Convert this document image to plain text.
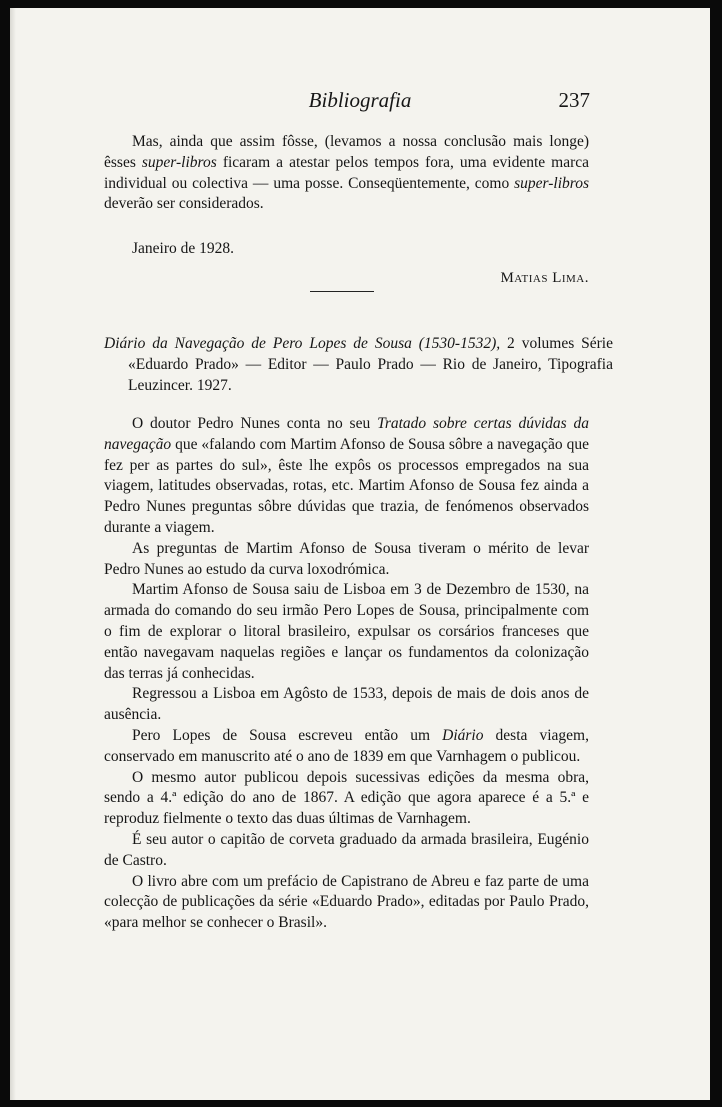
Bibliografia	237

Mas, ainda que assim fôsse, (levamos a nossa conclusão mais longe) êsses super-libros ficaram a atestar pelos tempos fora, uma evidente marca individual ou colectiva — uma posse. Conseqüentemente, como super-libros deverão ser considerados.

Janeiro de 1928.

Matias Lima.

Diário da Navegação de Pero Lopes de Sousa (1530-1532), 2 volumes Série «Eduardo Prado» — Editor — Paulo Prado — Rio de Janeiro, Tipografia Leuzincer. 1927.

O doutor Pedro Nunes conta no seu Tratado sobre certas dúvidas da navegação que «falando com Martim Afonso de Sousa sôbre a navegação que fez per as partes do sul», êste lhe expôs os processos empregados na sua viagem, latitudes observadas, rotas, etc. Martim Afonso de Sousa fez ainda a Pedro Nunes preguntas sôbre dúvidas que trazia, de fenómenos observados durante a viagem.

As preguntas de Martim Afonso de Sousa tiveram o mérito de levar Pedro Nunes ao estudo da curva loxodrómica.

Martim Afonso de Sousa saiu de Lisboa em 3 de Dezembro de 1530, na armada do comando do seu irmão Pero Lopes de Sousa, principalmente com o fim de explorar o litoral brasileiro, expulsar os corsários franceses que então navegavam naquelas regiões e lançar os fundamentos da colonização das terras já conhecidas.

Regressou a Lisboa em Agôsto de 1533, depois de mais de dois anos de ausência.

Pero Lopes de Sousa escreveu então um Diário desta viagem, conservado em manuscrito até o ano de 1839 em que Varnhagem o publicou.

O mesmo autor publicou depois sucessivas edições da mesma obra, sendo a 4.ª edição do ano de 1867. A edição que agora aparece é a 5.ª e reproduz fielmente o texto das duas últimas de Varnhagem.

É seu autor o capitão de corveta graduado da armada brasileira, Eugénio de Castro.

O livro abre com um prefácio de Capistrano de Abreu e faz parte de uma colecção de publicações da série «Eduardo Prado», editadas por Paulo Prado, «para melhor se conhecer o Brasil».
